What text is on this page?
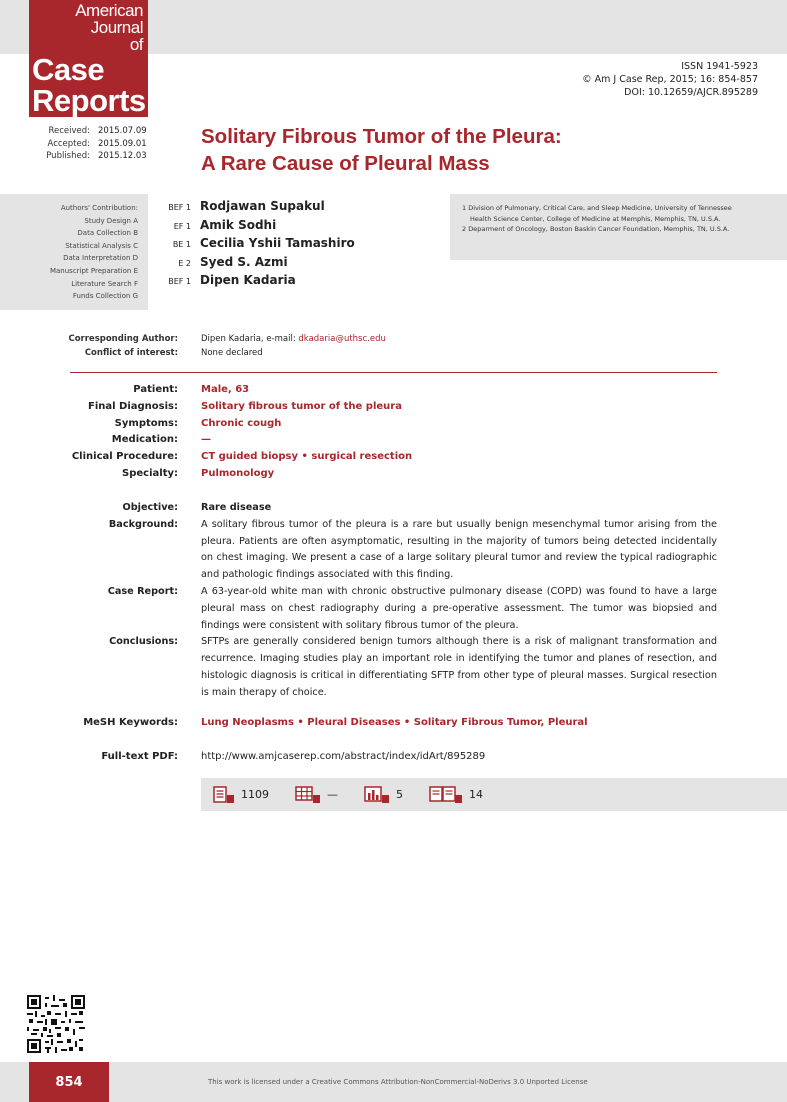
American
Journal
of
Case
Reports
ISSN 1941-5923
© Am J Case Rep, 2015; 16: 854-857
DOI: 10.12659/AJCR.895289
Received: 2015.07.09
Accepted: 2015.09.01
Published: 2015.12.03
Solitary Fibrous Tumor of the Pleura:
A Rare Cause of Pleural Mass
Authors' Contribution:
Study Design A
Data Collection B
Statistical Analysis C
Data Interpretation D
Manuscript Preparation E
Literature Search F
Funds Collection G
BEF 1 Rodjawan Supakul
EF 1 Amik Sodhi
BE 1 Cecilia Yshii Tamashiro
E 2 Syed S. Azmi
BEF 1 Dipen Kadaria
1 Division of Pulmonary, Critical Care, and Sleep Medicine, University of Tennessee
Health Science Center, College of Medicine at Memphis, Memphis, TN, U.S.A.
2 Deparment of Oncology, Boston Baskin Cancer Foundation, Memphis, TN, U.S.A.
Corresponding Author:	Dipen Kadaria, e-mail: dkadaria@uthsc.edu
Conflict of interest:	None declared
Patient:	Male, 63
Final Diagnosis:	Solitary fibrous tumor of the pleura
Symptoms:	Chronic cough
Medication:	—
Clinical Procedure:	CT guided biopsy • surgical resection
Specialty:	Pulmonology
Objective:	Rare disease
Background:	A solitary fibrous tumor of the pleura is a rare but usually benign mesenchymal tumor arising from the pleura. Patients are often asymptomatic, resulting in the majority of tumors being detected incidentally on chest imaging. We present a case of a large solitary pleural tumor and review the typical radiographic and pathologic findings associated with this finding.
Case Report:	A 63-year-old white man with chronic obstructive pulmonary disease (COPD) was found to have a large pleural mass on chest radiography during a pre-operative assessment. The tumor was biopsied and findings were consistent with solitary fibrous tumor of the pleura.
Conclusions:	SFTPs are generally considered benign tumors although there is a risk of malignant transformation and recurrence. Imaging studies play an important role in identifying the tumor and planes of resection, and histologic diagnosis is critical in differentiating SFTP from other type of pleural masses. Surgical resection is main therapy of choice.
MeSH Keywords:	Lung Neoplasms • Pleural Diseases • Solitary Fibrous Tumor, Pleural
Full-text PDF:	http://www.amjcaserep.com/abstract/index/idArt/895289
1109	—	5	14
854	This work is licensed under a Creative Commons Attribution-NonCommercial-NoDerivs 3.0 Unported License
